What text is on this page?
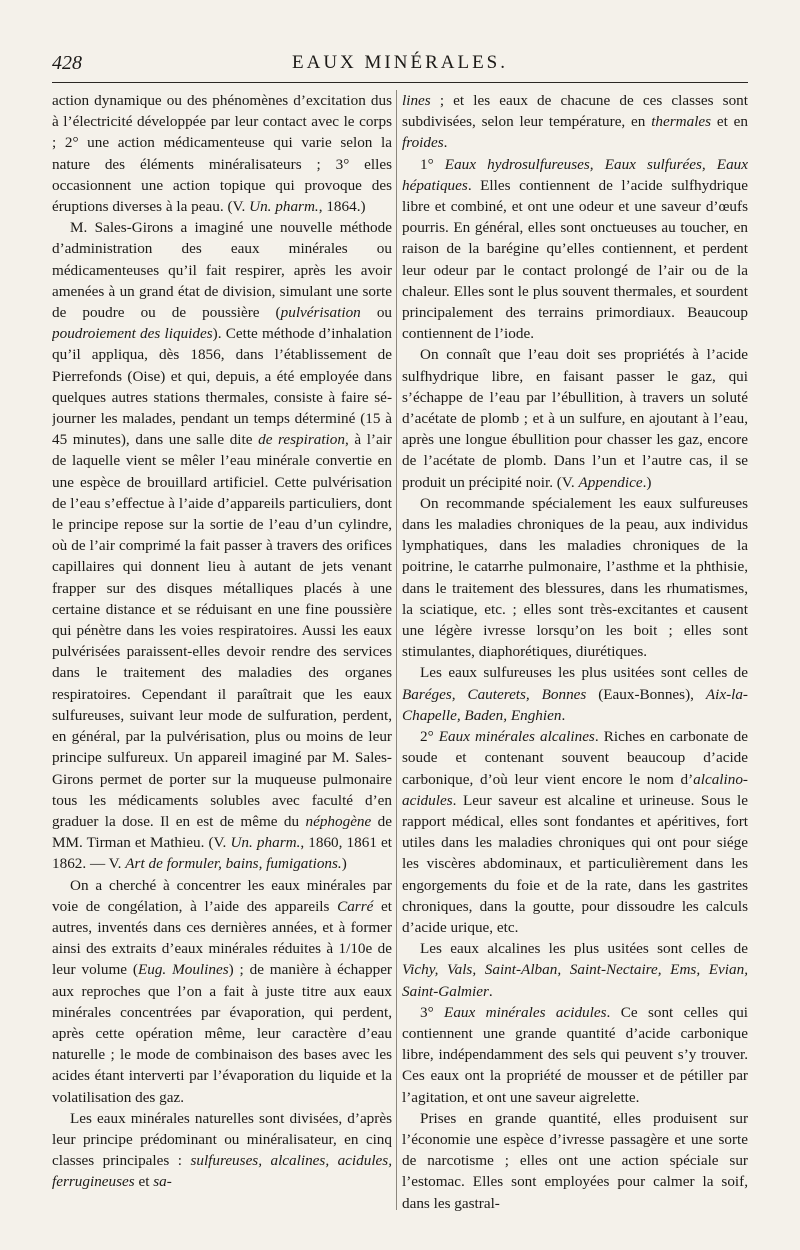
428	EAUX MINÉRALES.

action dynamique ou des phénomènes d’excitation dus à l’électricité développée par leur contact avec le corps ; 2° une action médicamenteuse qui varie selon la nature des éléments minéralisateurs ; 3° elles occasionnent une action topique qui provoque des éruptions diverses à la peau. (V. Un. pharm., 1864.)

M. Sales-Girons a imaginé une nouvelle méthode d’administration des eaux minérales ou médicamenteuses qu’il fait respirer, après les avoir amenées à un grand état de division, simulant une sorte de poudre ou de poussière (pulvérisation ou poudroiement des liquides). Cette méthode d’inhalation qu’il appliqua, dès 1856, dans l’établissement de Pierrefonds (Oise) et qui, depuis, a été employée dans quelques autres stations thermales, consiste à faire séjourner les malades, pendant un temps déterminé (15 à 45 minutes), dans une salle dite de respiration, à l’air de laquelle vient se mêler l’eau minérale convertie en une espèce de brouillard artificiel. Cette pulvérisation de l’eau s’effectue à l’aide d’appareils particuliers, dont le principe repose sur la sortie de l’eau d’un cylindre, où de l’air comprimé la fait passer à travers des orifices capillaires qui donnent lieu à autant de jets venant frapper sur des disques métalliques placés à une certaine distance et se réduisant en une fine poussière qui pénètre dans les voies respiratoires. Aussi les eaux pulvérisées paraissent-elles devoir rendre des services dans le traitement des maladies des organes respiratoires. Cependant il paraîtrait que les eaux sulfureuses, suivant leur mode de sulfuration, perdent, en général, par la pulvérisation, plus ou moins de leur principe sulfureux. Un appareil imaginé par M. Sales-Girons permet de porter sur la muqueuse pulmonaire tous les médicaments solubles avec faculté d’en graduer la dose. Il en est de même du néphogène de MM. Tirman et Mathieu. (V. Un. pharm., 1860, 1861 et 1862. — V. Art de formuler, bains, fumigations.)

On a cherché à concentrer les eaux minérales par voie de congélation, à l’aide des appareils Carré et autres, inventés dans ces dernières années, et à former ainsi des extraits d’eaux minérales réduites à 1/10e de leur volume (Eug. Moulines) ; de manière à échapper aux reproches que l’on a fait à juste titre aux eaux minérales concentrées par évaporation, qui perdent, après cette opération même, leur caractère d’eau naturelle ; le mode de combinaison des bases avec les acides étant interverti par l’évaporation du liquide et la volatilisation des gaz.

Les eaux minérales naturelles sont divisées, d’après leur principe prédominant ou minéralisateur, en cinq classes principales : sulfureuses, alcalines, acidules, ferrugineuses et sa-

lines ; et les eaux de chacune de ces classes sont subdivisées, selon leur température, en thermales et en froides.

1° Eaux hydrosulfureuses, Eaux sulfurées, Eaux hépatiques. Elles contiennent de l’acide sulfhydrique libre et combiné, et ont une odeur et une saveur d’œufs pourris. En général, elles sont onctueuses au toucher, en raison de la barégine qu’elles contiennent, et perdent leur odeur par le contact prolongé de l’air ou de la chaleur. Elles sont le plus souvent thermales, et sourdent principalement des terrains primordiaux. Beaucoup contiennent de l’iode.

On connaît que l’eau doit ses propriétés à l’acide sulfhydrique libre, en faisant passer le gaz, qui s’échappe de l’eau par l’ébullition, à travers un soluté d’acétate de plomb ; et à un sulfure, en ajoutant à l’eau, après une longue ébullition pour chasser les gaz, encore de l’acétate de plomb. Dans l’un et l’autre cas, il se produit un précipité noir. (V. Appendice.)

On recommande spécialement les eaux sulfureuses dans les maladies chroniques de la peau, aux individus lymphatiques, dans les maladies chroniques de la poitrine, le catarrhe pulmonaire, l’asthme et la phthisie, dans le traitement des blessures, dans les rhumatismes, la sciatique, etc. ; elles sont très-excitantes et causent une légère ivresse lorsqu’on les boit ; elles sont stimulantes, diaphorétiques, diurétiques.

Les eaux sulfureuses les plus usitées sont celles de Baréges, Cauterets, Bonnes (Eaux-Bonnes), Aix-la-Chapelle, Baden, Enghien.

2° Eaux minérales alcalines. Riches en carbonate de soude et contenant souvent beaucoup d’acide carbonique, d’où leur vient encore le nom d’alcalino-acidules. Leur saveur est alcaline et urineuse. Sous le rapport médical, elles sont fondantes et apéritives, fort utiles dans les maladies chroniques qui ont pour siége les viscères abdominaux, et particulièrement dans les engorgements du foie et de la rate, dans les gastrites chroniques, dans la goutte, pour dissoudre les calculs d’acide urique, etc.

Les eaux alcalines les plus usitées sont celles de Vichy, Vals, Saint-Alban, Saint-Nectaire, Ems, Evian, Saint-Galmier.

3° Eaux minérales acidules. Ce sont celles qui contiennent une grande quantité d’acide carbonique libre, indépendamment des sels qui peuvent s’y trouver. Ces eaux ont la propriété de mousser et de pétiller par l’agitation, et ont une saveur aigrelette.

Prises en grande quantité, elles produisent sur l’économie une espèce d’ivresse passagère et une sorte de narcotisme ; elles ont une action spéciale sur l’estomac. Elles sont employées pour calmer la soif, dans les gastral-
